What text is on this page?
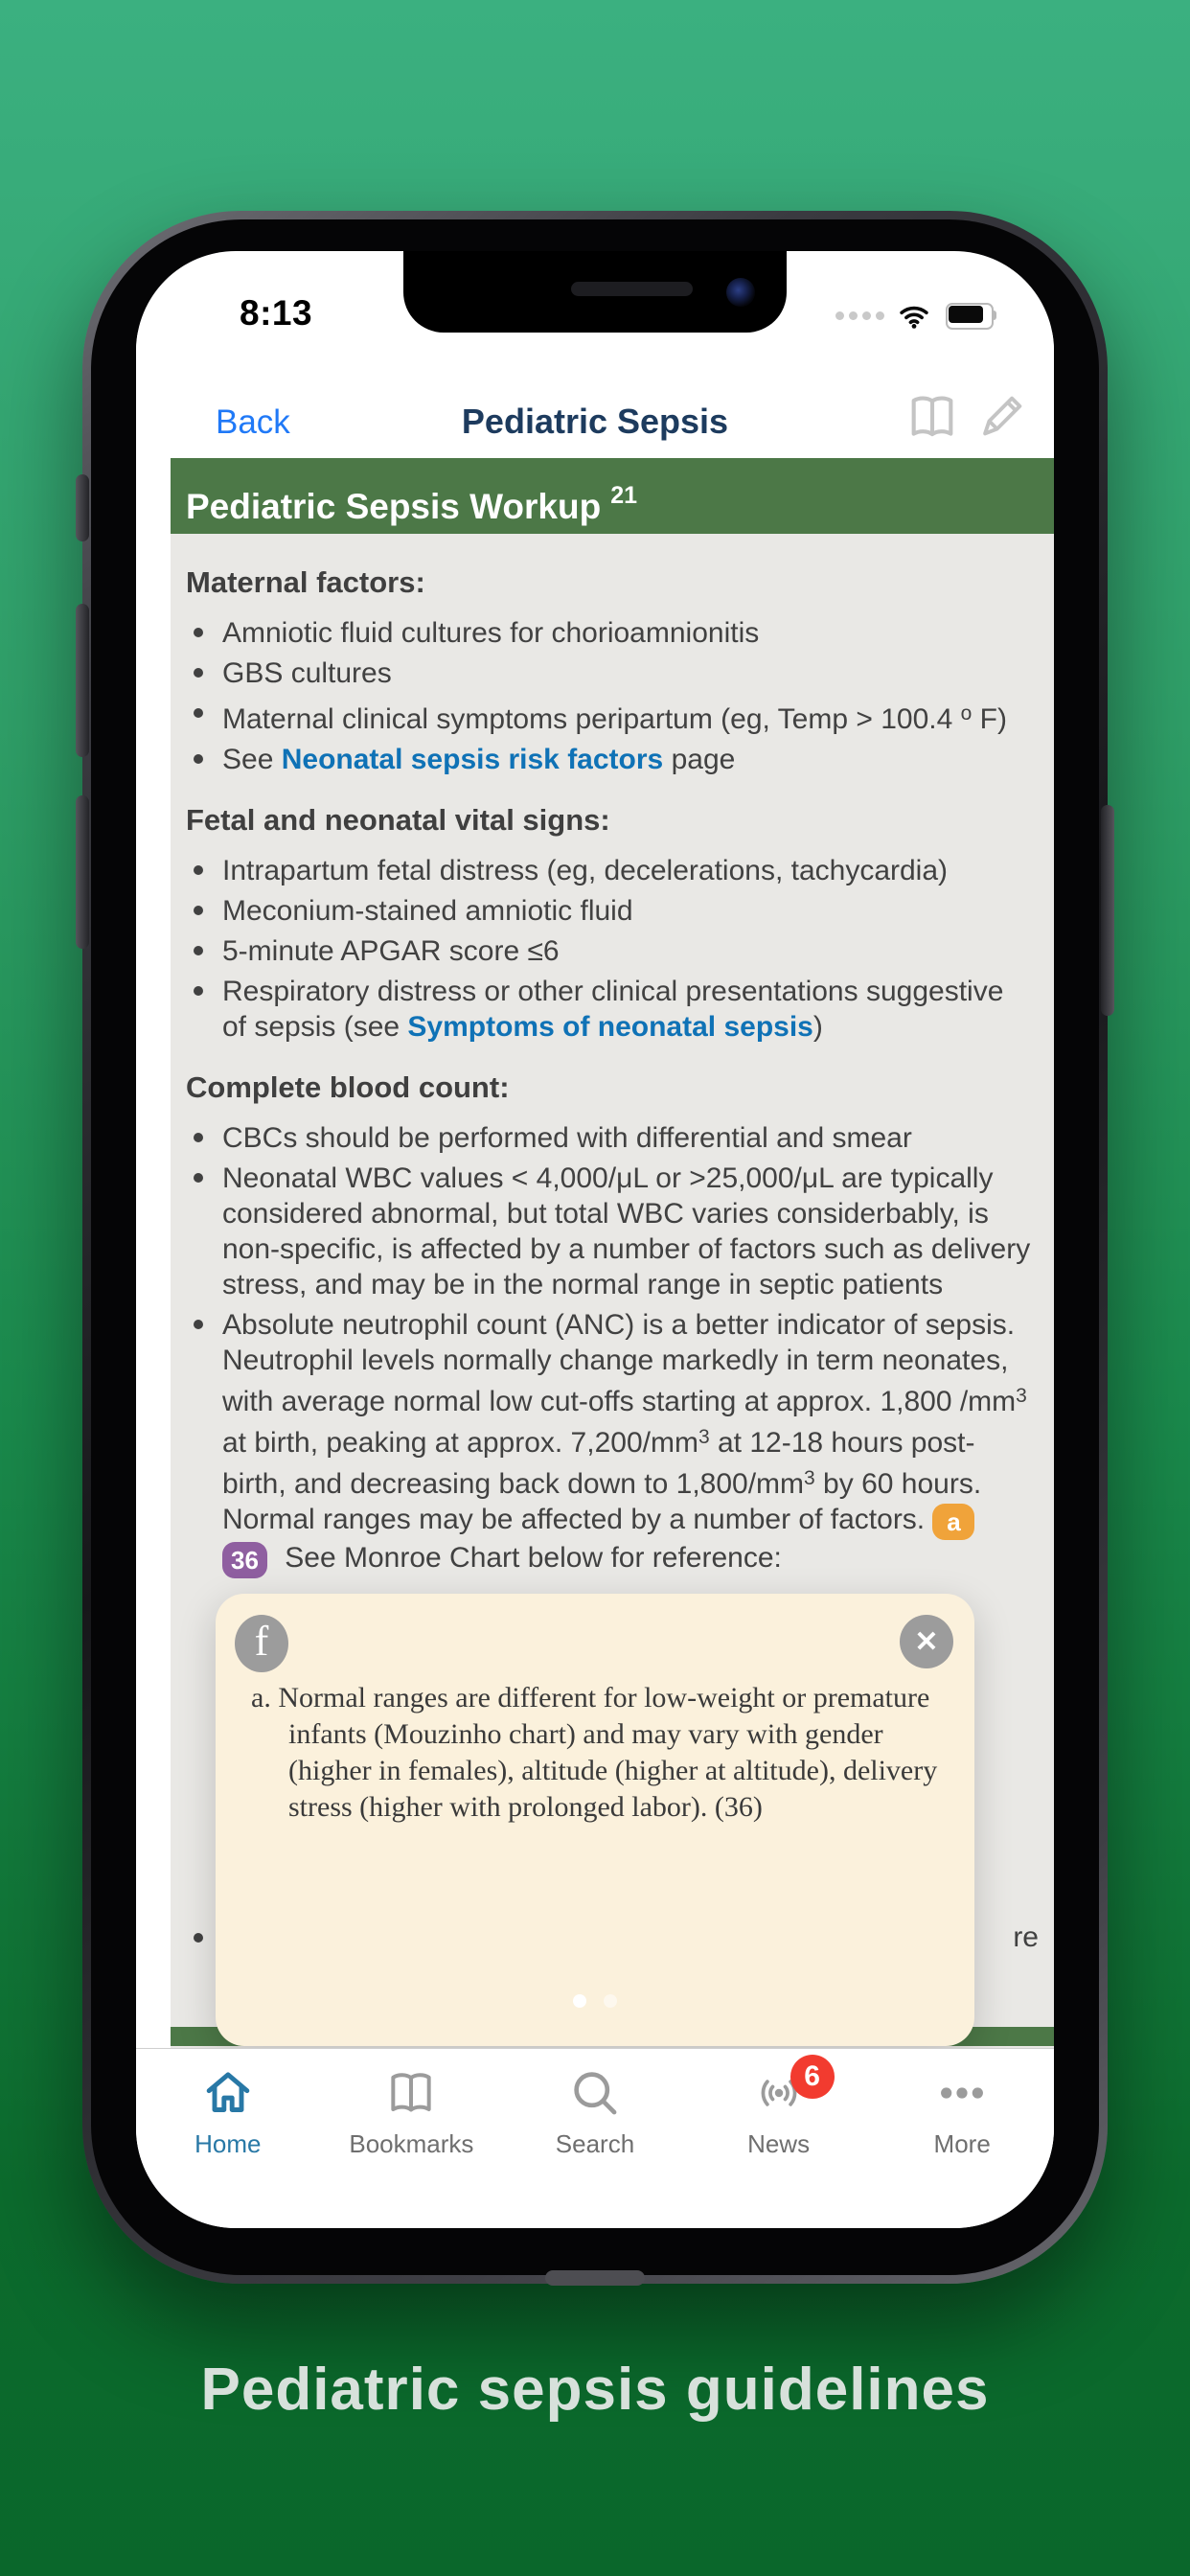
8:13
Back	Pediatric Sepsis
Pediatric Sepsis Workup $^{21}$
Maternal factors:
Amniotic fluid cultures for chorioamnionitis
GBS cultures
Maternal clinical symptoms peripartum (eg, Temp > 100.4 $^o$ F)
See Neonatal sepsis risk factors page
Fetal and neonatal vital signs:
Intrapartum fetal distress (eg, decelerations, tachycardia)
Meconium-stained amniotic fluid
5-minute APGAR score ≤6
Respiratory distress or other clinical presentations suggestive of sepsis (see Symptoms of neonatal sepsis)
Complete blood count:
CBCs should be performed with differential and smear
Neonatal WBC values < 4,000/μL or >25,000/μL are typically considered abnormal, but total WBC varies considerbably, is non-specific, is affected by a number of factors such as delivery stress, and may be in the normal range in septic patients
Absolute neutrophil count (ANC) is a better indicator of sepsis. Neutrophil levels normally change markedly in term neonates, with average normal low cut-offs starting at approx. 1,800 $/mm^3$ at birth, peaking at approx. $7,200/mm^3$ at 12-18 hours post-birth, and decreasing back down to $1,800/mm^3$ by 60 hours. Normal ranges may be affected by a number of factors. a36 See Monroe Chart below for reference:
re
f	✕

a. Normal ranges are different for low-weight or premature infants (Mouzinho chart) and may vary with gender (higher in females), altitude (higher at altitude), delivery stress (higher with prolonged labor). (36)

Home	Bookmarks	Search
6
News	More
Pediatric sepsis guidelines
